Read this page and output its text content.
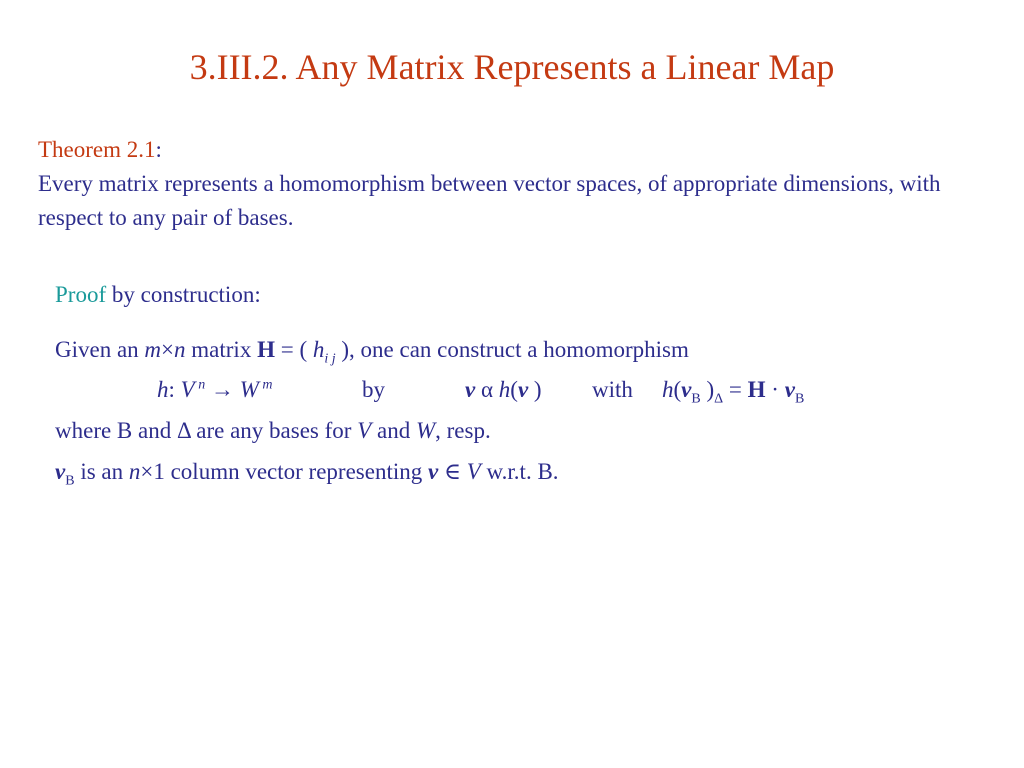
3.III.2. Any Matrix Represents a Linear Map
Theorem 2.1:
Every matrix represents a homomorphism between vector spaces, of appropriate dimensions, with respect to any pair of bases.
Proof by construction:
Given an m×n matrix H = ( $h_{i j}$ ), one can construct a homomorphism
h: V $^n$ → W $^m$	by	v α h(v ) with $h(v_B$ )$_\Delta = H \cdot v_B$
where B and Δ are any bases for V and W, resp.
$v_B$ is an n×1 column vector representing v ∈ V w.r.t. B.
